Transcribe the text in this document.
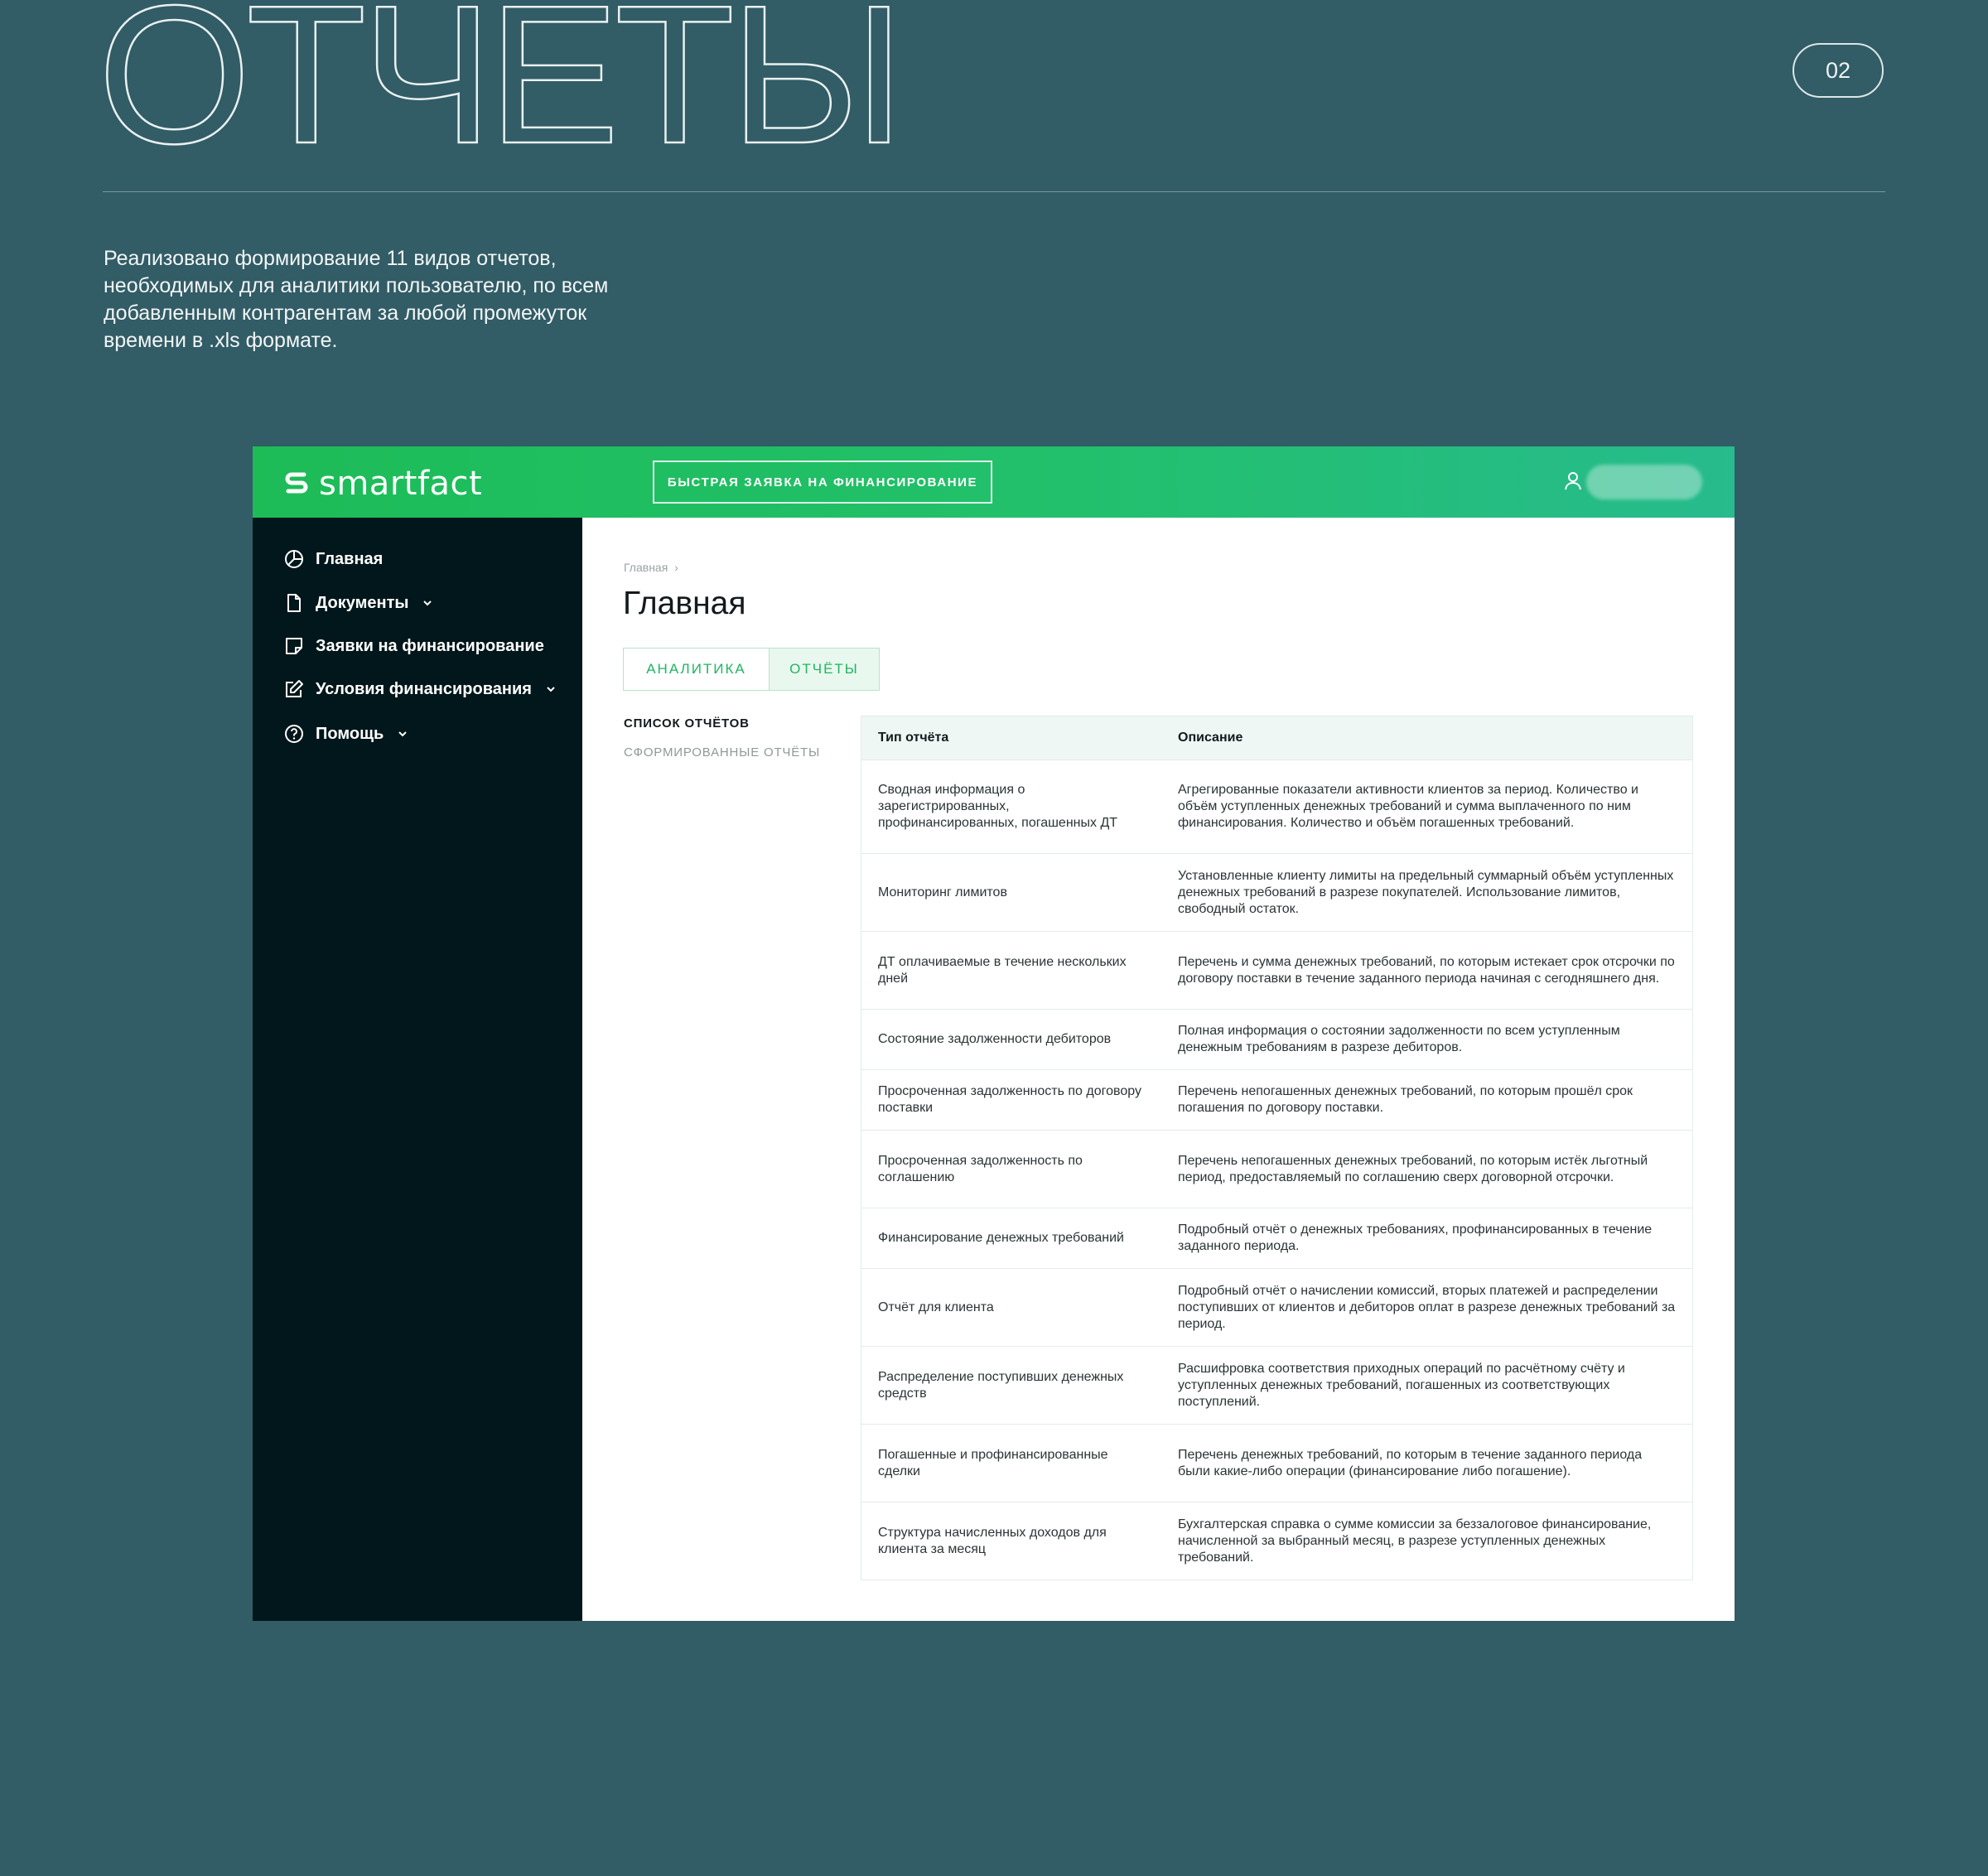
ОТЧЕТЫ	02

Реализовано формирование 11 видов отчетов, необходимых для аналитики пользователю, по всем добавленным контрагентам за любой промежуток времени в .xls формате.

smartfact	БЫСТРАЯ ЗАЯВКА НА ФИНАНСИРОВАНИЕ
Главная
Документы
Заявки на финансирование
Условия финансирования
Помощь
Главная ›
Главная
АНАЛИТИКА	ОТЧЁТЫ
СПИСОК ОТЧЁТОВ
СФОРМИРОВАННЫЕ ОТЧЁТЫ
Тип отчёта	Описание
Сводная информация о зарегистрированных, профинансированных, погашенных ДТ	Агрегированные показатели активности клиентов за период. Количество и объём уступленных денежных требований и сумма выплаченного по ним финансирования. Количество и объём погашенных требований.
Мониторинг лимитов	Установленные клиенту лимиты на предельный суммарный объём уступленных денежных требований в разрезе покупателей. Использование лимитов, свободный остаток.
ДТ оплачиваемые в течение нескольких дней	Перечень и сумма денежных требований, по которым истекает срок отсрочки по договору поставки в течение заданного периода начиная с сегодняшнего дня.
Состояние задолженности дебиторов	Полная информация о состоянии задолженности по всем уступленным денежным требованиям в разрезе дебиторов.
Просроченная задолженность по договору поставки	Перечень непогашенных денежных требований, по которым прошёл срок погашения по договору поставки.
Просроченная задолженность по соглашению	Перечень непогашенных денежных требований, по которым истёк льготный период, предоставляемый по соглашению сверх договорной отсрочки.
Финансирование денежных требований	Подробный отчёт о денежных требованиях, профинансированных в течение заданного периода.
Отчёт для клиента	Подробный отчёт о начислении комиссий, вторых платежей и распределении поступивших от клиентов и дебиторов оплат в разрезе денежных требований за период.
Распределение поступивших денежных средств	Расшифровка соответствия приходных операций по расчётному счёту и уступленных денежных требований, погашенных из соответствующих поступлений.
Погашенные и профинансированные сделки	Перечень денежных требований, по которым в течение заданного периода были какие-либо операции (финансирование либо погашение).
Структура начисленных доходов для клиента за месяц	Бухгалтерская справка о сумме комиссии за беззалоговое финансирование, начисленной за выбранный месяц, в разрезе уступленных денежных требований.
